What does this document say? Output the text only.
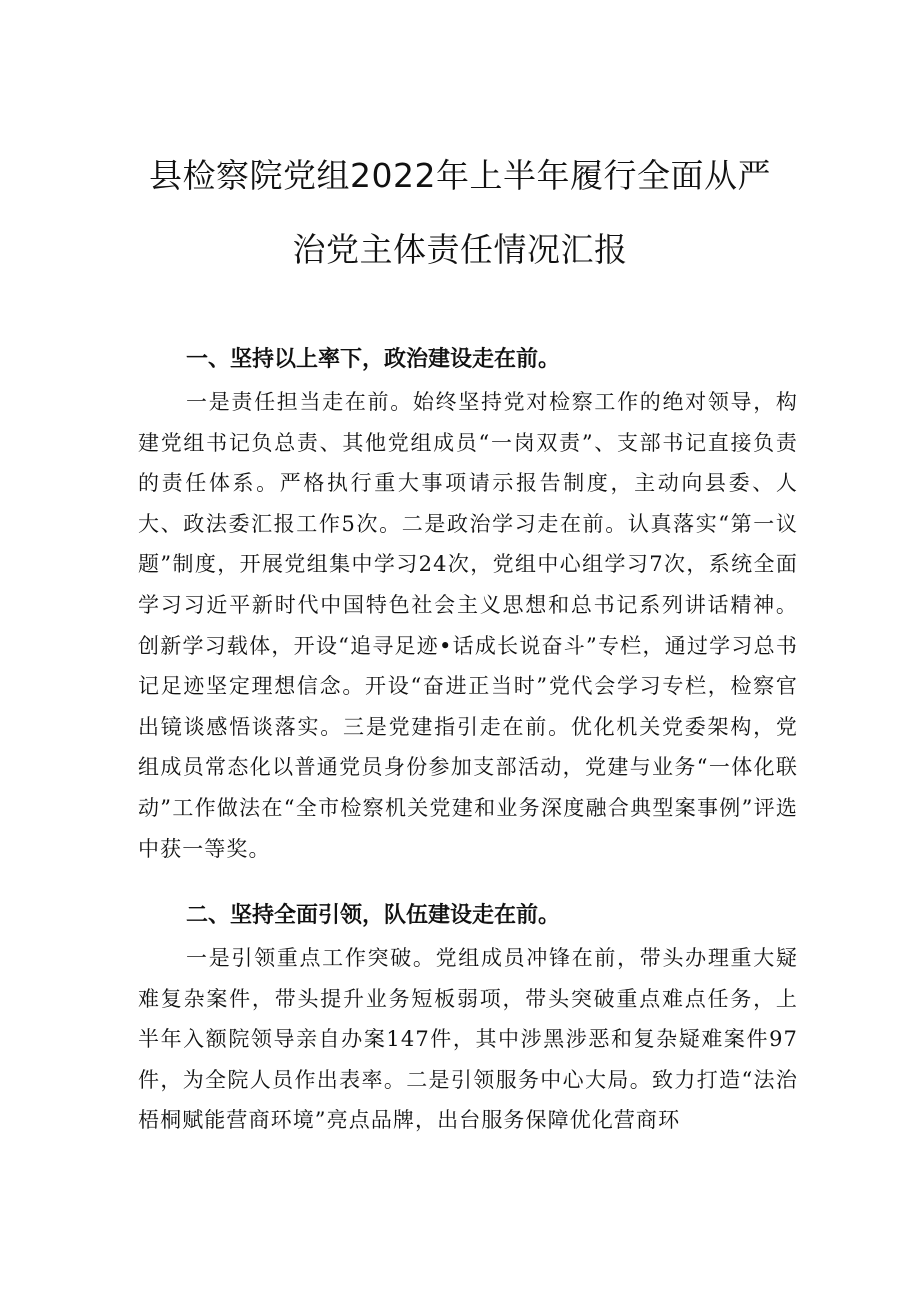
县检察院党组2022年上半年履行全面从严
治党主体责任情况汇报
一、坚持以上率下，政治建设走在前。
一是责任担当走在前。始终坚持党对检察工作的绝对领导，构建党组书记负总责、其他党组成员“一岗双责”、支部书记直接负责的责任体系。严格执行重大事项请示报告制度，主动向县委、人大、政法委汇报工作5次。二是政治学习走在前。认真落实“第一议题”制度，开展党组集中学习24次，党组中心组学习7次，系统全面学习习近平新时代中国特色社会主义思想和总书记系列讲话精神。创新学习载体，开设“追寻足迹•话成长说奋斗”专栏，通过学习总书记足迹坚定理想信念。开设“奋进正当时”党代会学习专栏，检察官出镜谈感悟谈落实。三是党建指引走在前。优化机关党委架构，党组成员常态化以普通党员身份参加支部活动，党建与业务“一体化联动”工作做法在“全市检察机关党建和业务深度融合典型案事例”评选中获一等奖。
二、坚持全面引领，队伍建设走在前。
一是引领重点工作突破。党组成员冲锋在前，带头办理重大疑难复杂案件，带头提升业务短板弱项，带头突破重点难点任务，上半年入额院领导亲自办案147件，其中涉黑涉恶和复杂疑难案件97件，为全院人员作出表率。二是引领服务中心大局。致力打造“法治梧桐赋能营商环境”亮点品牌，出台服务保障优化营商环
